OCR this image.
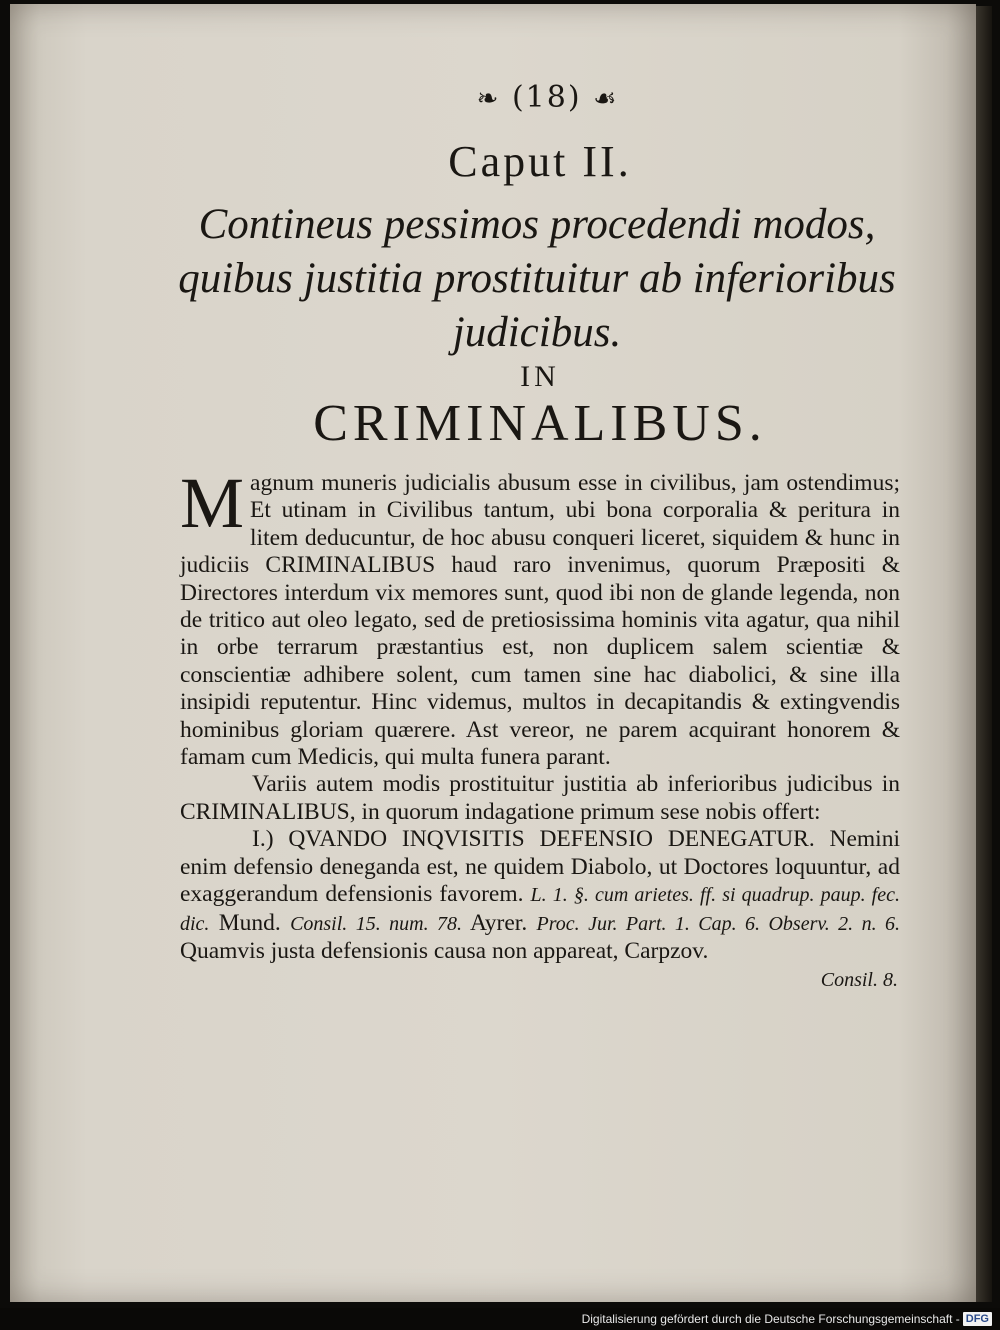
❧ (18) ☙
Caput II.
Contineus pessimos procedendi modos, quibus justitia prostituitur ab inferioribus judicibus.
IN
CRIMINALIBUS.

Magnum muneris judicialis abusum esse in civilibus, jam ostendimus; Et utinam in Civilibus tantum, ubi bona corporalia & peritura in litem deducuntur, de hoc abusu conqueri liceret, siquidem & hunc in judiciis CRIMINALIBUS haud raro invenimus, quorum Præpositi & Directores interdum vix memores sunt, quod ibi non de glande legenda, non de tritico aut oleo legato, sed de pretiosissima hominis vita agatur, qua nihil in orbe terrarum præstantius est, non duplicem salem scientiæ & conscientiæ adhibere solent, cum tamen sine hac diabolici, & sine illa insipidi reputentur. Hinc videmus, multos in decapitandis & extingvendis hominibus gloriam quærere. Ast vereor, ne parem acquirant honorem & famam cum Medicis, qui multa funera parant.

Variis autem modis prostituitur justitia ab inferioribus judicibus in CRIMINALIBUS, in quorum indagatione primum sese nobis offert:

I.) QVANDO INQVISITIS DEFENSIO DENEGATUR. Nemini enim defensio deneganda est, ne quidem Diabolo, ut Doctores loquuntur, ad exaggerandum defensionis favorem. L. 1. §. cum arietes. ff. si quadrup. paup. fec. dic. Mund. Consil. 15. num. 78. Ayrer. Proc. Jur. Part. 1. Cap. 6. Observ. 2. n. 6. Quamvis justa defensionis causa non appareat, Carpzov.

Consil. 8.
Digitalisierung gefördert durch die Deutsche Forschungsgemeinschaft - DFG
